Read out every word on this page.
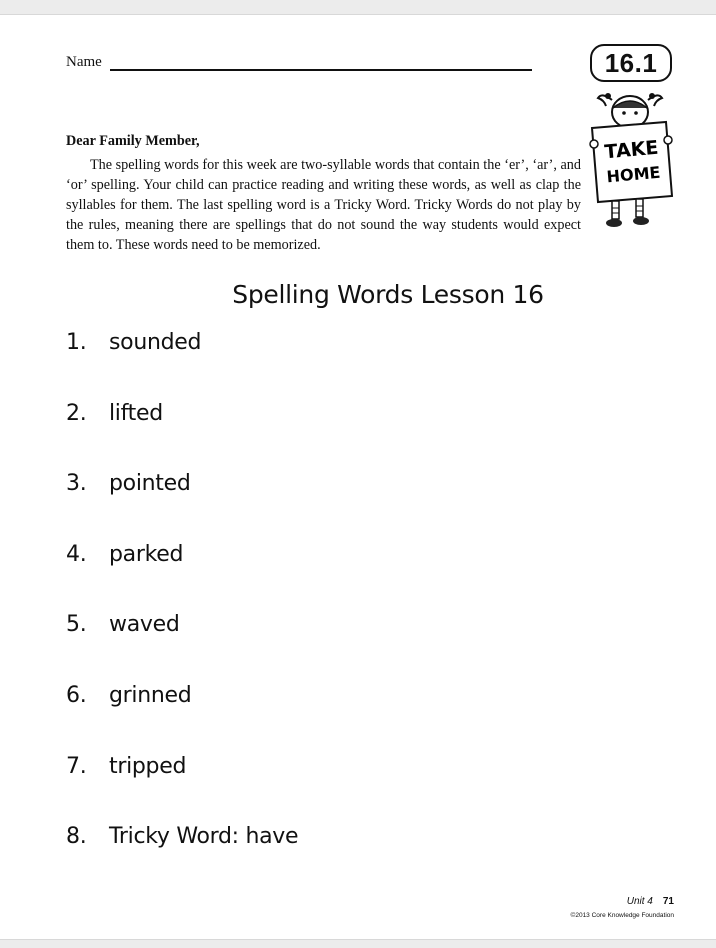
Name	16.1
TAKE
HOME
Dear Family Member,

The spelling words for this week are two-syllable words that contain the ‘er’, ‘ar’, and ‘or’ spelling. Your child can practice reading and writing these words, as well as clap the syllables for them. The last spelling word is a Tricky Word. Tricky Words do not play by the rules, meaning there are spellings that do not sound the way students would expect them to. These words need to be memorized.

Spelling Words Lesson 16
1.	sounded
2.	lifted
3.	pointed
4.	parked
5.	waved
6.	grinned
7.	tripped
8.	Tricky Word: have
Unit 4 71
©2013 Core Knowledge Foundation
